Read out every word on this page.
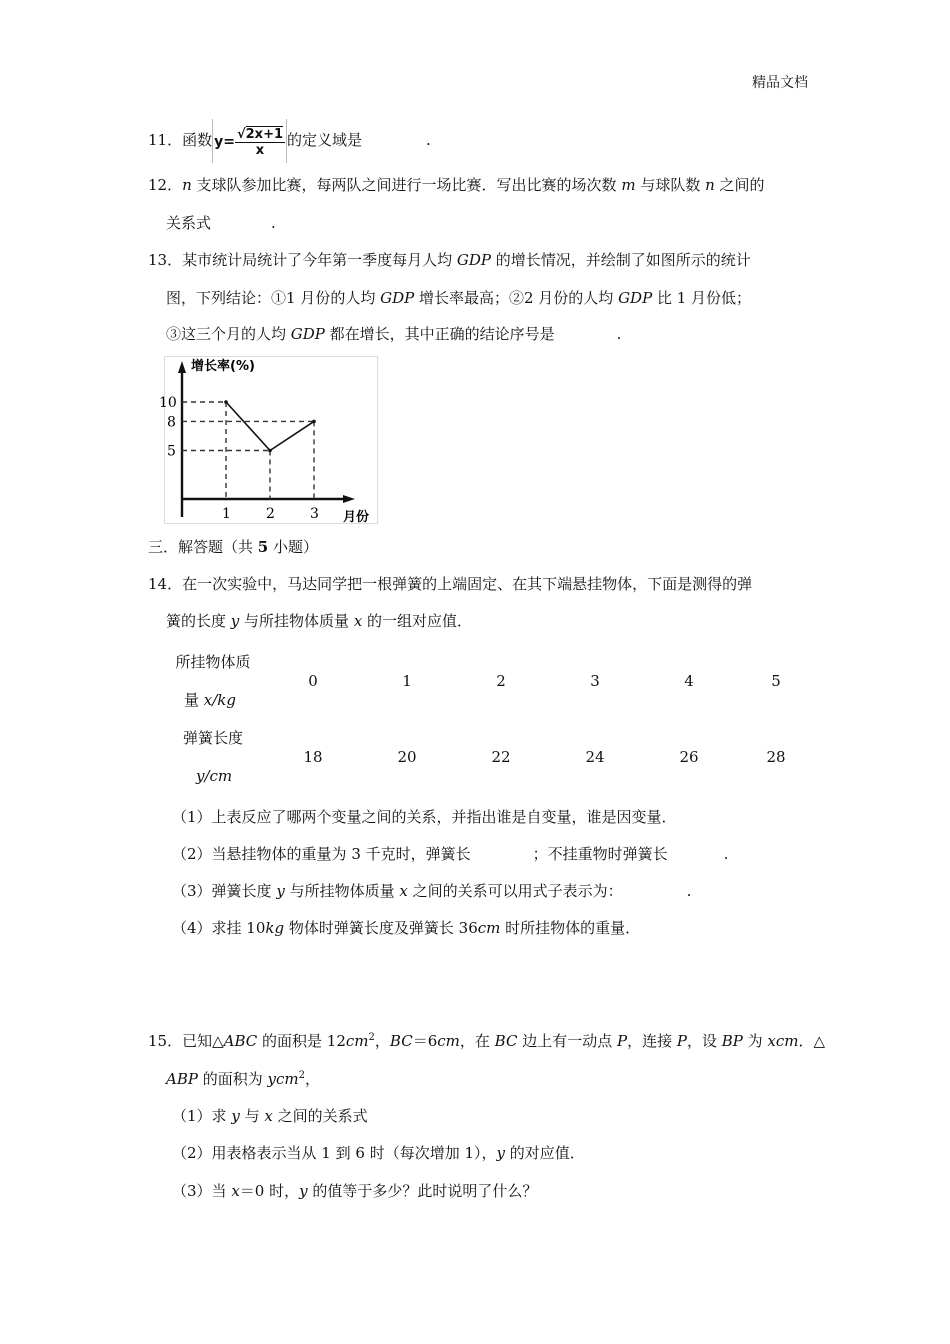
精品文档
11．函数 $y= \frac{√2x+1}{x}$ 的定义域是	.
12．n 支球队参加比赛，每两队之间进行一场比赛．写出比赛的场次数 m 与球队数 n 之间的
关系式	.
13．某市统计局统计了今年第一季度每月人均 GDP 的增长情况，并绘制了如图所示的统计
图，下列结论：①1 月份的人均 GDP 增长率最高；②2 月份的人均 GDP 比 1 月份低；
③这三个月的人均 GDP 都在增长，其中正确的结论序号是	.
增长率(%)
月份
1	2	3
10
8
5
三．解答题（共 5 小题）
14．在一次实验中，马达同学把一根弹簧的上端固定、在其下端悬挂物体，下面是测得的弹
簧的长度 y 与所挂物体质量 x 的一组对应值．
所挂物体质
量 x/kg	0	1	2	3	4	5

弹簧长度
y/cm	18	20	22	24	26	28
（1）上表反应了哪两个变量之间的关系，并指出谁是自变量，谁是因变量．
（2）当悬挂物体的重量为 3 千克时，弹簧长	；不挂重物时弹簧长	.
（3）弹簧长度 y 与所挂物体质量 x 之间的关系可以用式子表示为：	.
（4）求挂 10kg 物体时弹簧长度及弹簧长 36cm 时所挂物体的重量．
15．已知△ABC 的面积是 $12cm^2$，BC＝6cm，在 BC 边上有一动点 P，连接 P，设 BP 为 xcm．△
ABP 的面积为 ycm$^2$，
（1）求 y 与 x 之间的关系式
（2）用表格表示当从 1 到 6 时（每次增加 1），y 的对应值．
（3）当 x＝0 时，y 的值等于多少？此时说明了什么？
